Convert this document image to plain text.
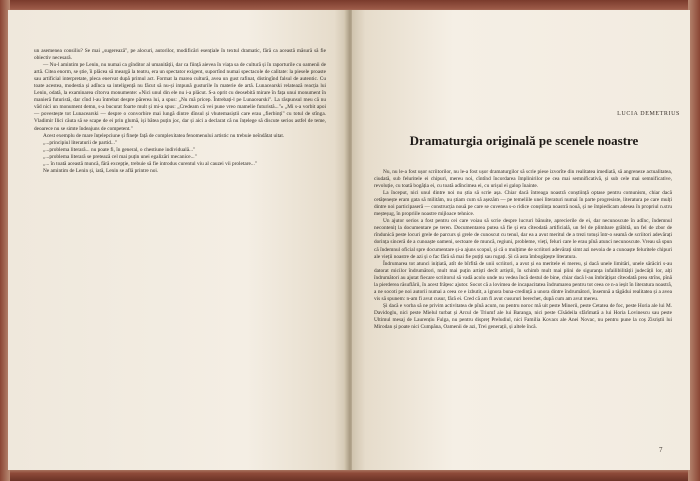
un asemenea consiliu? Se mai „sugerează", pe alocuri, autorilor, modificări esențiale în textul dramatic, fără ca această măsură să fie obiectiv necesară.

— Nu-l amintim pe Lenin, nu numai ca gînditor al umanității, dar ca ființă aievea în viața sa de cultură și în raporturile cu oamenii de artă. Citea enorm, se știe, îi plăcea să meargă la teatru, era un spectator exigent, suportînd numai spectacole de calitate: la piesele proaste sau artificial interpretate, pleca enervat după primul act. Format la marea cultură, avea un gust rafinat, distingînd falsul de autentic. Cu toate acestea, modestia și adînca sa inteligență nu făcut să nu-și impună gusturile în materie de artă. Lunacearski relatează reacția lui Lenin, odată, la examinarea cîtorva monumente: «Nici unul din ele nu i-a plăcut. S-a oprit cu deosebită mirare în fața unui monument în manieră futuristă, dar cînd l-au întrebat despre părerea lui, a spus: „Nu mă pricep. Întrebați-l pe Lunacearski". La răspunsul meu că nu văd nici un monument demn, s-a bucurat foarte mult și mi-a spus: „Credeam că vei pune vreo mamelie futuristă..."» „Mi s-a vorbit apoi — povestește tot Lunacearski — despre o convorbire mai lungă dintre dînsul și vhutemasiștii care erau „fierbinți" cu totul de stînga. Vladimir Ilici căuta să se scape de ei prin glumă, iși bătea puțin joc, dar și aici a declarat că nu înțelege să discute serios astfel de teme, deoarece nu se simte îndeajuns de competent."

Acest exemplu de mare înțelepciune și fineţe față de complexitatea fenomenului artistic nu trebuie neîndătat uitat.

„...principiul literaturii de partid..."

„...problema literară... nu poate fi, în general, o chestiune individuală..."

„...problema literară se pretează cel mai puțin unei egalizări mecanice..."

„... în toată această muncă, fără excepție, trebuie să fie introdus curentul viu al cauzei vii proletare..."

Ne amintim de Lenin și, iată, Lenin se află printre noi.

LUCIA DEMETRIUS
Dramaturgia originală pe scenele noastre

Nu, nu le-a fost ușor scriitorilor, nu le-a fost ușor dramaturgilor să scrie piese izvorîte din realitatea imediată, să angreneze actualitatea, ciudată, sub feluritele ei chipuri, mereu noi, cîntînd încordarea împlinirilor pe cea mai semnificativă, și sub cele mai semnificative, revoluție, cu toată bogăția ei, cu toată adîncimea ei, cu urișul ei galop înainte.

La început, nici unul dintre noi nu știa să scrie așa. Chiar dacă întreaga noastră conștiință optase pentru comunism, chiar dacă cetățenește eram gata să militâm, nu știam cum să așezăm — pe temeliile unei literaturi numai în parte progresiste, literatura pe care mulți dintre noi participaseră — construcția nouă pe care se cuvenea s-o ridice conștiința noastră nouă, și ne împiedicam adesea în propriul n.stru meșteșug, în propriile noastre mijloace tehnice.

Un ajutor serios a fost pentru cei care voiau să scrie despre lucruri bănuite, aprecierile de ei, dar necunoscute în adînc, îndemnul neconteniț la documentare pe teren. Documentarea putea să fie și era cîteodată artificială, un fel de plimbare grăbită, un fel de zbor de rîndunică peste locuri grele de parcurs și grele de cunoscut cu tenul, dar ea a avut meritul de a trezi totuși într-o seamă de scriitori adevărați dorința sinceră de a cunoaște oameni, sectoare de muncă, regiuni, probleme, vieți, feluri care le erau pînă atunci necunoscute. Vreau să spun că îndemnul oficial spre documentare și-a ajuns scopul, și că o mulțime de scriitori adevărați simt azi nevoia de a cunoaște feluritele chipuri ale vieții noastre de azi și o fac fără să mai fie puțiți sau rugați. Și că asta îmbogățește literatura.

Îndrumarea tot atunci inițiată, atît de bîrfită de unii scriitori, a avut și ea meritele ei mereu, și dacă unele limitări, unele sărăciri s-au datorat micilor îndrumători, mult mai puțin artiști decît artiștii, în schimb mult mai plini de siguranța infailibilității judecății lor, alți îndrumători au ajutat fiecare scriitorul să vadă acolo unde nu vedea încă destul de bine, chiar dacă l-au îmbrățișat cîteodată prea strîns, pînă la pierderea răsuflării, în acest frățesc ajutor. Socot că a lovimea de incapacitatea îndrumarea pentru tot ceea ce n-a ieșit în literatura noastră, a ne socoti pe noi autorii numai a ceea ce e izbutit, a ignora buna-credință a unora dintre îndrumători, însemnă a tăgădui realitatea și a avea vis să spunem: n-am fi avut cusur, fără ei. Cred că am fi avut cusururi berechet, după cum am avut mereu.

Și dacă e vorba să ne privim activitatea de pînă acum, nu pentru noroc mă uit peste Minerii, peste Cetatea de foc, peste Horia ale lui M. Davidoglu, nici peste Mielul turbat și Arcul de Triumf ale lui Baranga, nici peste Cîsădeila sfărîmată a lui Horia Lovinescu sau peste Ultimul mesaj de Laurențiu Fulga, nu pentru dispreț Preludiul, nici Familia Kovacs ale Anei Novac, nu pentru pune la coș Zisriștii lui Mirodan și poate nici Cumpăna, Oamenii de azi, Trei generații, și altele încă.

7
